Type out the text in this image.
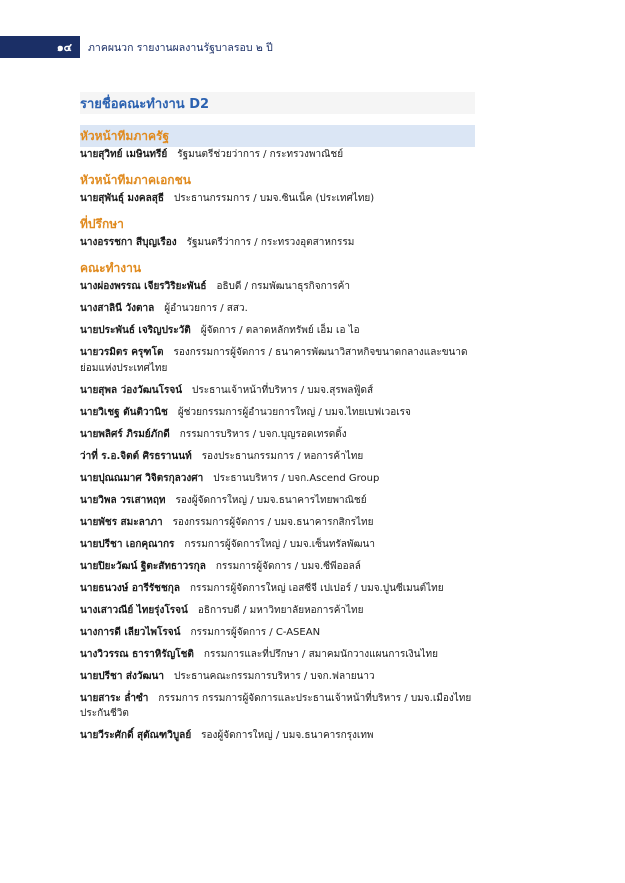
๑๔	ภาคผนวก รายงานผลงานรัฐบาลรอบ ๒ ปี
รายชื่อคณะทำงาน D2
หัวหน้าทีมภาครัฐ
นายสุวิทย์ เมษินทรีย์ รัฐมนตรีช่วยว่าการ / กระทรวงพาณิชย์
หัวหน้าทีมภาคเอกชน
นายสุพันธุ์ มงคลสุธี ประธานกรรมการ / บมจ.ซินเน็ค (ประเทศไทย)
ที่ปรึกษา
นางอรรชกา สีบุญเรือง รัฐมนตรีว่าการ / กระทรวงอุตสาหกรรม
คณะทำงาน
นางผ่องพรรณ เจียรวิริยะพันธ์ อธิบดี / กรมพัฒนาธุรกิจการค้า
นางสาลินี วังตาล ผู้อำนวยการ / สสว.
นายประพันธ์ เจริญประวัติ ผู้จัดการ / ตลาดหลักทรัพย์ เอ็ม เอ ไอ
นายวรมิตร ครุฑโต รองกรรมการผู้จัดการ / ธนาคารพัฒนาวิสาหกิจขนาดกลางและขนาดย่อมแห่งประเทศไทย
นายสุพล ว่องวัฒนโรจน์ ประธานเจ้าหน้าที่บริหาร / บมจ.สุรพลฟู้ดส์
นายวิเชฐ ตันติวานิช ผู้ช่วยกรรมการผู้อำนวยการใหญ่ / บมจ.ไทยเบฟเวอเรจ
นายพลิศร์ ภิรมย์ภักดี กรรมการบริหาร / บจก.บุญรอดเทรดดิ้ง
ว่าที่ ร.อ.จิตต์ ศิรธรานนท์ รองประธานกรรมการ / หอการค้าไทย
นายปุณณมาศ วิจิตรกุลวงศา ประธานบริหาร / บจก.Ascend Group
นายวิพล วรเสาหฤท รองผู้จัดการใหญ่ / บมจ.ธนาคารไทยพาณิชย์
นายพัชร สมะลาภา รองกรรมการผู้จัดการ / บมจ.ธนาคารกสิกรไทย
นายปรีชา เอกคุณากร กรรมการผู้จัดการใหญ่ / บมจ.เซ็นทรัลพัฒนา
นายปิยะวัฒน์ ฐิตะสัทธาวรกุล กรรมการผู้จัดการ / บมจ.ซีพีออลล์
นายธนวงษ์ อารีรัชชกุล กรรมการผู้จัดการใหญ่ เอสซีจี เปเปอร์ / บมจ.ปูนซีเมนต์ไทย
นางเสาวณีย์ ไทยรุ่งโรจน์ อธิการบดี / มหาวิทยาลัยหอการค้าไทย
นางการดี เลียวไพโรจน์ กรรมการผู้จัดการ / C-ASEAN
นางวิวรรณ ธาราหิรัญโชติ กรรมการและที่ปรึกษา / สมาคมนักวางแผนการเงินไทย
นายปรีชา ส่งวัฒนา ประธานคณะกรรมการบริหาร / บจก.ฟลายนาว
นายสาระ ล่ำซำ กรรมการ กรรมการผู้จัดการและประธานเจ้าหน้าที่บริหาร / บมจ.เมืองไทยประกันชีวิต
นายวีระศักดิ์ สุตัณฑวิบูลย์ รองผู้จัดการใหญ่ / บมจ.ธนาคารกรุงเทพ
